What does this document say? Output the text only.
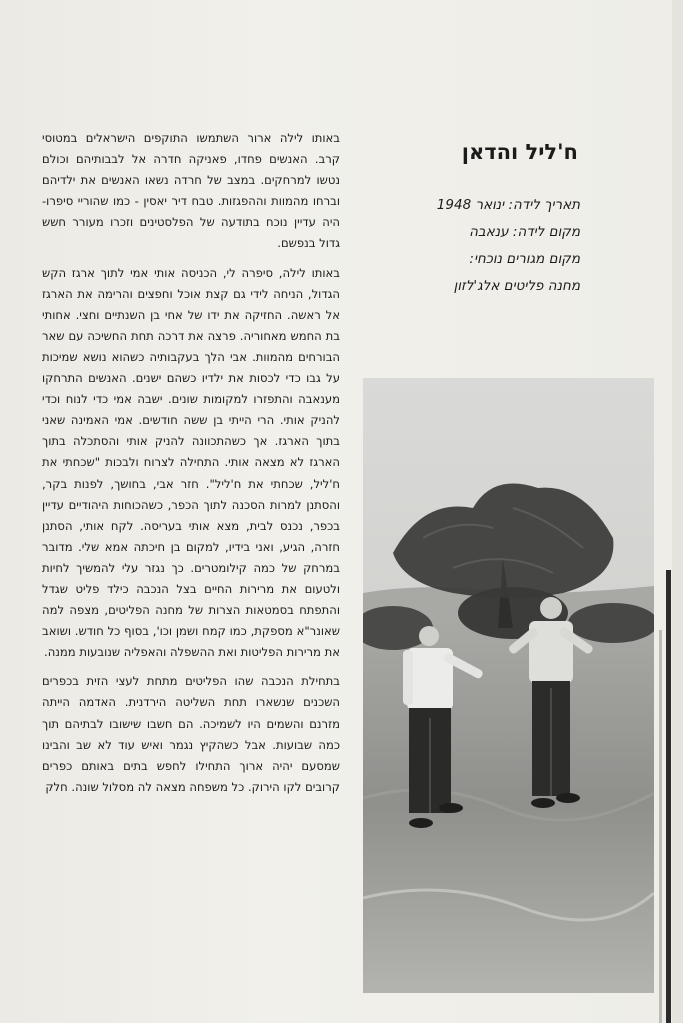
ח'ליל והדאן
תאריך לידה: ינואר 1948
מקום לידה: ענאבה
מקום מגורים נוכחי:
מחנה פליטים אלג'לזון

באותו לילה ארור השתמשו התוקפים הישראלים במטוסי קרב. האנשים פחדו, פאניקה חדרה אל לבבותיהם וכולם נטשו למרחקים. במצב של חרדה נשאו האנשים את ילדיהם וברחו מהמוות וההפגזות. טבח דיר יאסין - כמו שהוריי סיפרו- היה עדיין נוכח בתודעה של הפלסטינים וזכרו מעורר חשש גדול בנפשם.

באותו לילה, סיפרה לי, הכניסה אותי אמי לתוך ארגז הקש הגדול, הניחה לידי גם קצת אוכל וחפצים והרימה את הארגז אל ראשה. החזיקה את ידו של אחי בן השנתיים וחצי. אחותי בת החמש מאחוריה. פרצה את דרכה תחת החשיכה עם שאר הבורחים מהמוות. אבי הלך בעקבותיה כשהוא נושא שמיכות על גבו כדי לכסות את ילדיו כשהם ישנים. האנשים התרחקו מענאבה והתפזרו למקומות שונים. ישבה אמי כדי לנוח וכדי להניק אותי. הרי הייתי בן ששה חודשים. אמי האמינה שאני בתוך הארגז. אך כשהתכוונה להניק אותי והסתכלה בתוך הארגז לא מצאה אותי. התחילה לצרוח ולבכות "שכחתי את ח'ליל, שכחתי את ח'ליל". חזר אבי, בחושך, לפנות בקר, והסתנן למרות הסכנה לתוך הכפר, כשהכוחות היהודיים עדיין בכפר, נכנס לבית, מצא אותי בעריסה. לקח אותי, הסתנן חזרה, הגיע, ואני בידיו, למקום בן חיכתה אמא שלי. מדובר במרחק של כמה קילומטרים. כך נגזר עלי להמשיך לחיות ולטעום את מרירות החיים בצל הנכבה כילד פליט שגדל והתפתח בסמטאות הצרות של מחנה הפליטים, מצפה למה שאונר"א מספקת, כמו קמח ושמן וכו', בסוף כל חודש. ושואב את מרירות הפליטות ואת ההשפלה והאפליה שנובעות ממנה.

בתחילת הנכבה שהו הפליטים מתחת לעצי הזית בכפרים השכנים שנשארו תחת השליטה הירדנית. האדמה הייתה מזרנם והשמים היו לשמיכה. הם חשבו שישובו לבתיהם תוך כמה שבועות. אבל כשהקיץ נגמר ואיש עוד לא שב והבינו שמסעם יהיה ארוך התחילו לחפש בתים באותם כפרים קרובים לקו הירוק. כל משפחה מצאה לה מסלול שונה. חלק
